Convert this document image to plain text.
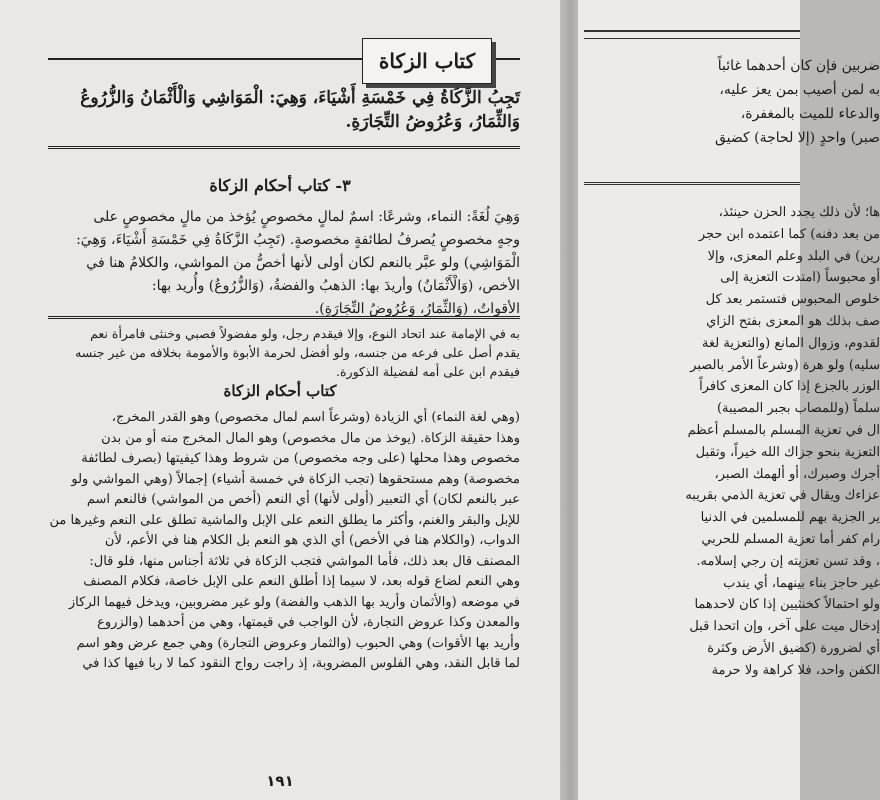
كتاب الزكاة
تَجِبُ الزَّكَاةُ فِي خَمْسَةِ أَشْيَاءَ، وَهِيَ: الْمَوَاشِي وَالْأَثْمَانُ وَالزُّرُوعُ
وَالثِّمَارُ، وَعُرُوضُ التِّجَارَةِ.
٣- كتاب أحكام الزكاة
وَهِيَ لُغَةً: النماء، وشرعًا: اسمٌ لمالٍ مخصوصٍ يُؤخذ من مالٍ مخصوصٍ على
وجهٍ مخصوصٍ يُصرفُ لطائفةٍ مخصوصةٍ. (تَجِبُ الزَّكَاةُ فِي خَمْسَةِ أَشْيَاءَ، وَهِيَ:
الْمَوَاشِي) ولو عبَّر بالنعم لكان أولى لأنها أخصُّ من المواشي، والكلامُ هنا في
الأخص، (وَالْأَثْمَانُ) وأريدَ بها: الذهبُ والفضةُ، (وَالزُّرُوعُ) وأُريد بها:
الأقواتُ، (وَالثِّمَارُ، وَعُرُوضُ التِّجَارَةِ).
به في الإمامة عند اتحاد النوع، وإلا فيقدم رجل، ولو مفضولاً فصبي وخنثى فامرأة نعم
يقدم أصل على فرعه من جنسه، ولو أفضل لحرمة الأبوة والأمومة بخلافه من غير جنسه
فيقدم ابن على أمه لفضيلة الذكورة.
كتاب أحكام الزكاة
(وهي لغة النماء) أي الزيادة (وشرعاً اسم لمال مخصوص) وهو القدر المخرج،
وهذا حقيقة الزكاة. (يوخذ من مال مخصوص) وهو المال المخرج منه أو من بدن
مخصوص وهذا محلها (على وجه مخصوص) من شروط وهذا كيفيتها (بصرف لطائفة
مخصوصة) وهم مستحقوها (تجب الزكاة في خمسة أشياء) إجمالاً (وهي المواشي ولو
عبر بالنعم لكان) أي التعبير (أولى لأنها) أي النعم (أخص من المواشي) فالنعم اسم
للإبل والبقر والغنم، وأكثر ما يطلق النعم على الإبل والماشية تطلق على النعم وغيرها من
الدواب، (والكلام هنا في الأخص) أي الذي هو النعم بل الكلام هنا في الأعم، لأن
المصنف قال بعد ذلك، فأما المواشي فتجب الزكاة في ثلاثة أجناس منها، فلو قال:
وهي النعم لضاع قوله بعد، لا سيما إذا أطلق النعم على الإبل خاصة، فكلام المصنف
في موضعه (والأثمان وأريد بها الذهب والفضة) ولو غير مضروبين، ويدخل فيهما الركاز
والمعدن وكذا عروض التجارة، لأن الواجب في قيمتها، وهي من أحدهما (والزروع
وأريد بها الأقوات) وهي الحبوب (والثمار وعروض التجارة) وهي جمع عرض وهو اسم
لما قابل النقد، وهي الفلوس المضروبة، إذ راجت رواج النقود كما لا ربا فيها كذا في
١٩١
ضربين فإن كان أحدهما غائباً
به لمن أصيب بمن يعز عليه،
والدعاء للميت بالمغفرة،
صبر) واحدٍ (إلا لحاجة) كضيق
ها؛ لأن ذلك يجدد الحزن حينئذ،
من بعد دفنه) كما اعتمده ابن حجر
رين) في البلد وعلم المعزى، وإلا
أو محبوساً (امتدت التعزية إلى
خلوص المحبوس فتستمر بعد كل
صف بذلك هو المعزى بفتح الزاي
لقدوم، وزوال المانع (والتعزية لغة
سليه) ولو هرة (وشرعاً الأمر بالصبر
الوزر بالجزع إذا كان المعزى كافراً
سلماً (وللمصاب بجبر المصيبة)
ال في تعزية المسلم بالمسلم أعظم
التعزية بنحو جزاك الله خيراً، وتقبل
أجرك وصبرك، أو ألهمك الصبر،
عزاءك ويقال في تعزية الذمي بقريبه
ير الجزية بهم للمسلمين في الدنيا
رام كفر أما تعزية المسلم للحربي
، وقد تسن تعزيته إن رجي إسلامه.
غير حاجز بناء بينهما، أي يندب
ولو احتمالاً كخنثيين إذا كان لاحدهما
إدخال ميت على آخر، وإن اتحدا قبل
أي لضرورة (كضيق الأرض وكثرة
الكفن واحد، فلا كراهة ولا حرمة
